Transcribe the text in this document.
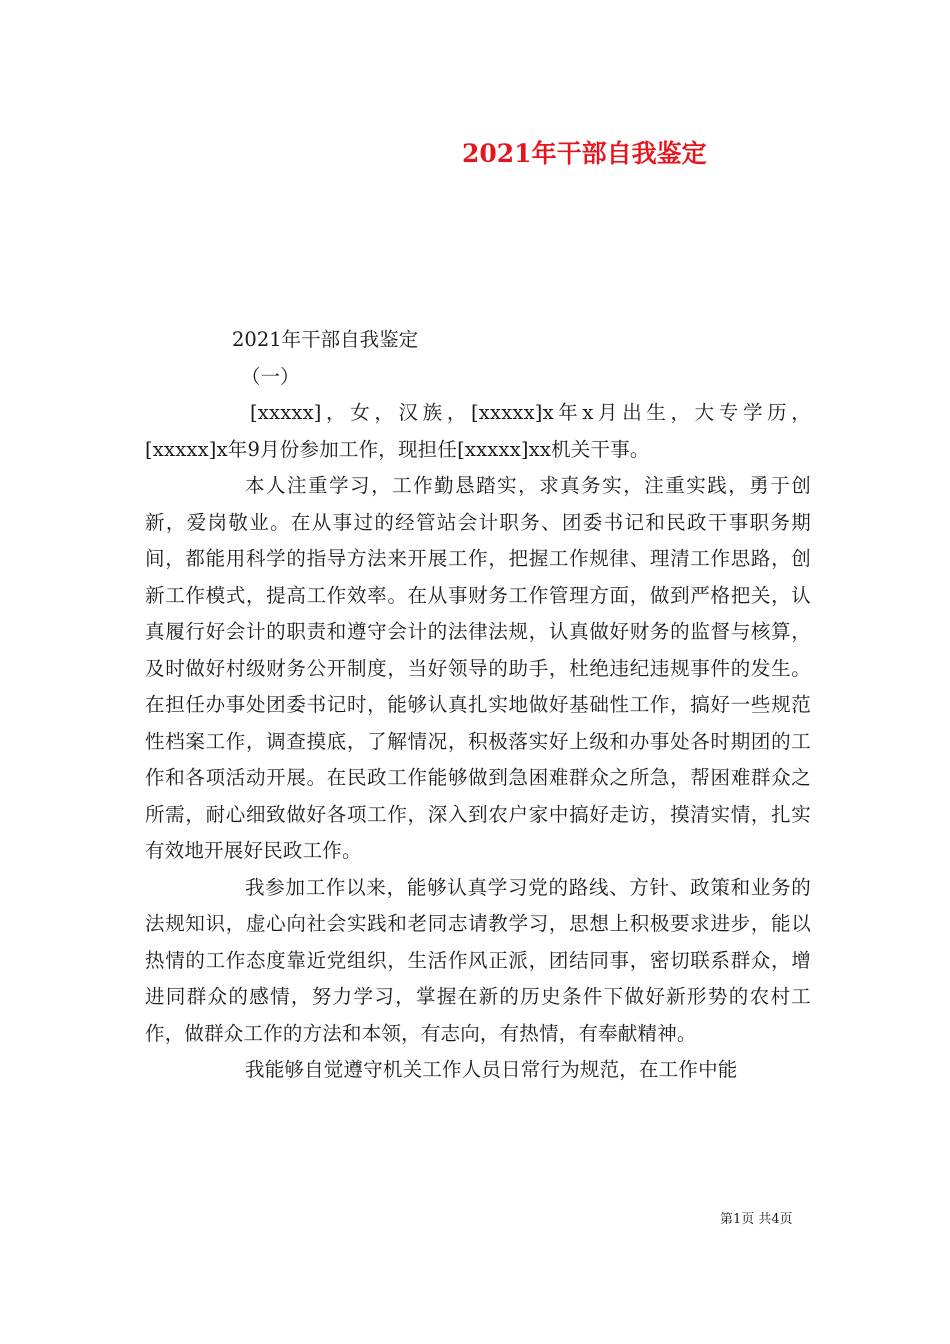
2021年干部自我鉴定

2021年干部自我鉴定

（一）

[xxxxx]，女，汉族，[xxxxx]x年x月出生，大专学历，[xxxxx]x年9月份参加工作，现担任[xxxxx]xx机关干事。

本人注重学习，工作勤恳踏实，求真务实，注重实践，勇于创新，爱岗敬业。在从事过的经管站会计职务、团委书记和民政干事职务期间，都能用科学的指导方法来开展工作，把握工作规律、理清工作思路，创新工作模式，提高工作效率。在从事财务工作管理方面，做到严格把关，认真履行好会计的职责和遵守会计的法律法规，认真做好财务的监督与核算，及时做好村级财务公开制度，当好领导的助手，杜绝违纪违规事件的发生。在担任办事处团委书记时，能够认真扎实地做好基础性工作，搞好一些规范性档案工作，调查摸底，了解情况，积极落实好上级和办事处各时期团的工作和各项活动开展。在民政工作能够做到急困难群众之所急，帮困难群众之所需，耐心细致做好各项工作，深入到农户家中搞好走访，摸清实情，扎实有效地开展好民政工作。

我参加工作以来，能够认真学习党的路线、方针、政策和业务的法规知识，虚心向社会实践和老同志请教学习，思想上积极要求进步，能以热情的工作态度靠近党组织，生活作风正派，团结同事，密切联系群众，增进同群众的感情，努力学习，掌握在新的历史条件下做好新形势的农村工作，做群众工作的方法和本领，有志向，有热情，有奉献精神。

我能够自觉遵守机关工作人员日常行为规范，在工作中能

第1页 共4页
